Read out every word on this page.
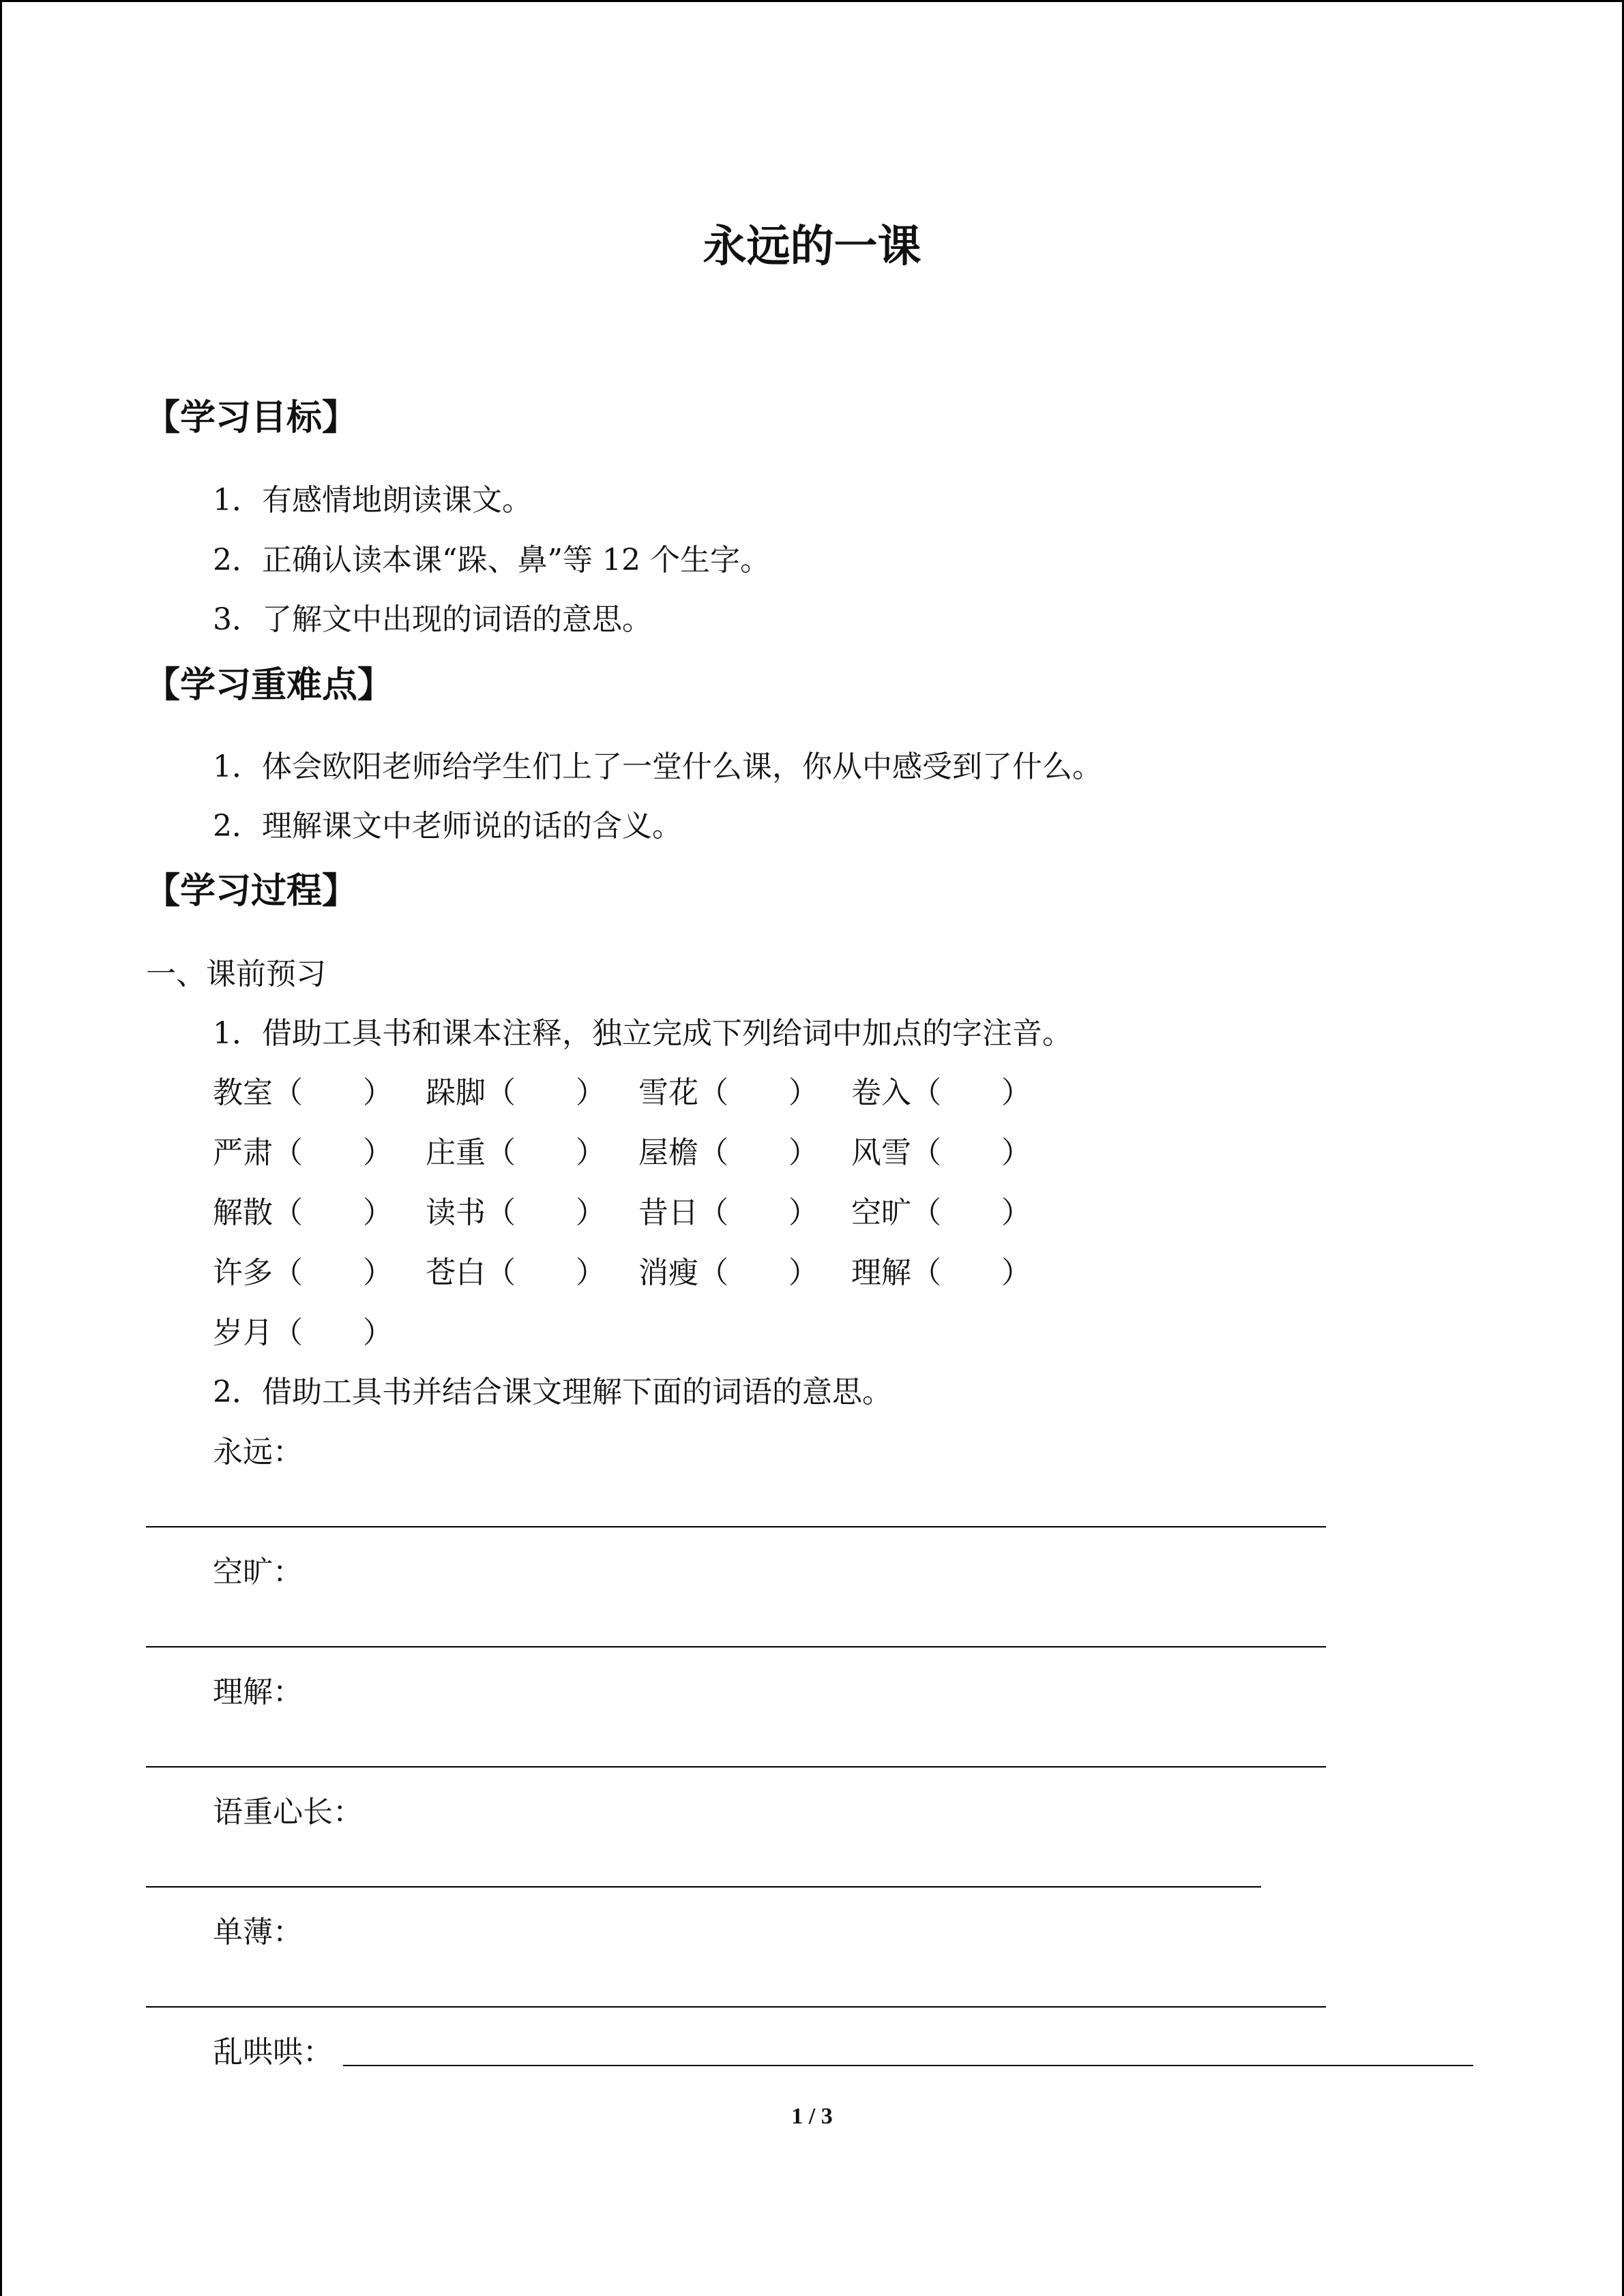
永远的一课
【学习目标】
1．有感情地朗读课文。
2．正确认读本课“跺、鼻”等 12 个生字。
3．了解文中出现的词语的意思。
【学习重难点】
1．体会欧阳老师给学生们上了一堂什么课，你从中感受到了什么。
2．理解课文中老师说的话的含义。
【学习过程】
一、课前预习
1．借助工具书和课本注释，独立完成下列给词中加点的字注音。
教室（　　） 跺脚（　　） 雪花（　　） 卷入（　　）
严肃（　　） 庄重（　　） 屋檐（　　） 风雪（　　）
解散（　　） 读书（　　） 昔日（　　） 空旷（　　）
许多（　　） 苍白（　　） 消瘦（　　） 理解（　　）
岁月（　　）
2．借助工具书并结合课文理解下面的词语的意思。
永远：
空旷：
理解：
语重心长：
单薄：
乱哄哄：
1 / 3
